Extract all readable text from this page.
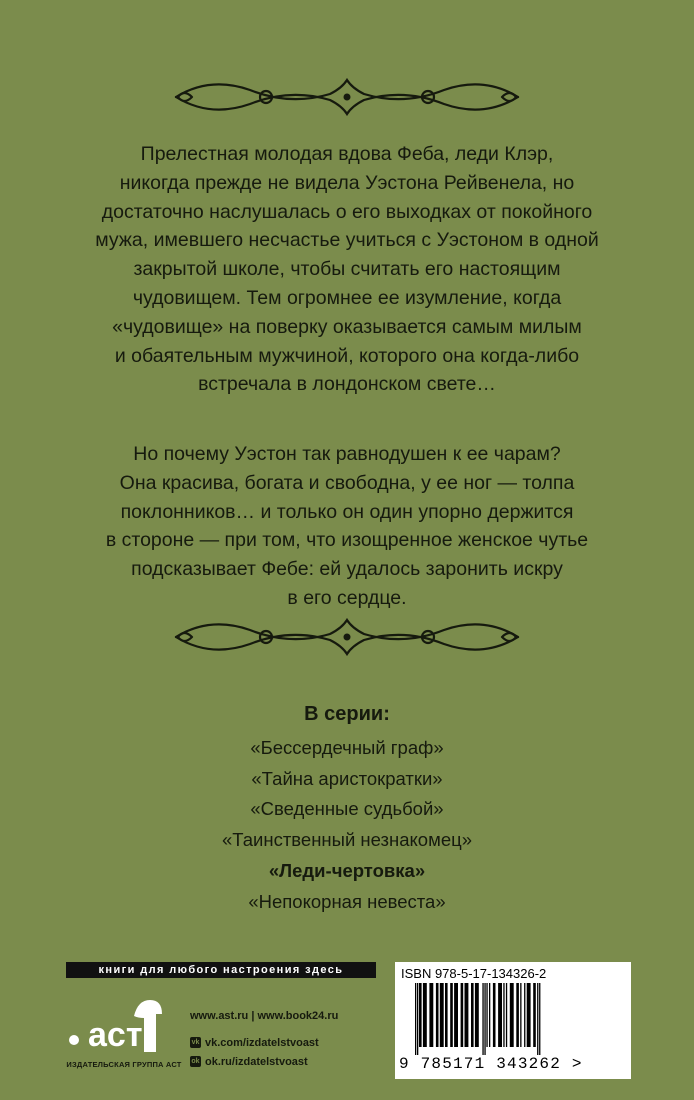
Прелестная молодая вдова Феба, леди Клэр,

никогда прежде не видела Уэстона Рейвенела, но

достаточно наслушалась о его выходках от покойного

мужа, имевшего несчастье учиться с Уэстоном в одной

закрытой школе, чтобы считать его настоящим

чудовищем. Тем огромнее ее изумление, когда

«чудовище» на поверку оказывается самым милым

и обаятельным мужчиной, которого она когда-либо

встречала в лондонском свете…

Но почему Уэстон так равнодушен к ее чарам?

Она красива, богата и свободна, у ее ног — толпа

поклонников… и только он один упорно держится

в стороне — при том, что изощренное женское чутье

подсказывает Фебе: ей удалось заронить искру

в его сердце.

В серии:
«Бессердечный граф»
«Тайна аристократки»
«Сведенные судьбой»
«Таинственный незнакомец»
«Леди-чертовка»
«Непокорная невеста»
книги для любого настроения здесь
аст
ИЗДАТЕЛЬСКАЯ ГРУППА АСТ
www.ast.ru | www.book24.ru
vk vk.com/izdatelstvoast
ok ok.ru/izdatelstvoast
ISBN 978-5-17-134326-2
9 785171 343262 >
